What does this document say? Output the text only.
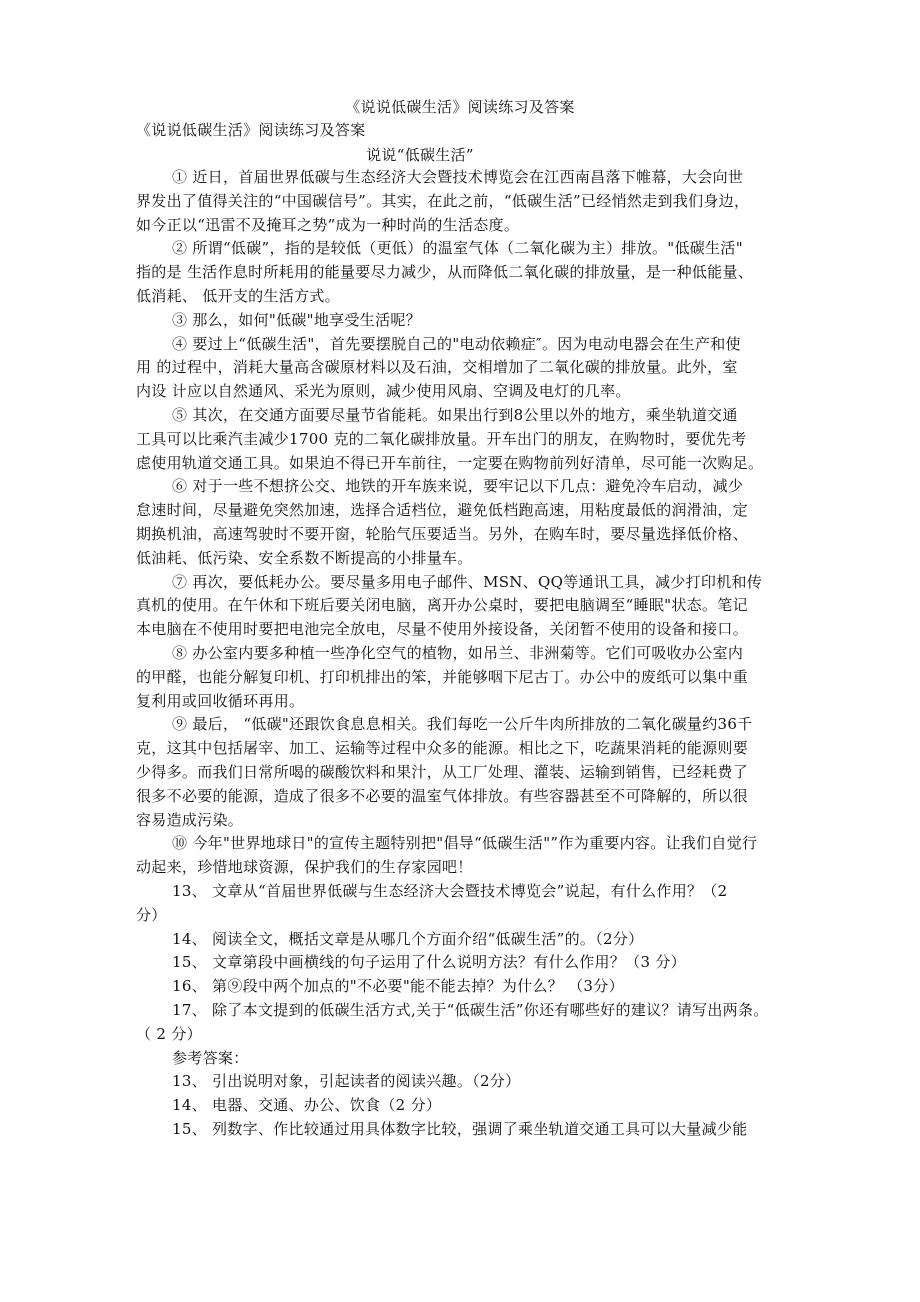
《说说低碳生活》阅读练习及答案
《说说低碳生活》阅读练习及答案
说说“低碳生活”
① 近日，首届世界低碳与生态经济大会暨技术博览会在江西南昌落下帷幕，大会向世
界发出了值得关注的“中国碳信号”。其实，在此之前，“低碳生活”已经悄然走到我们身边，
如今正以“迅雷不及掩耳之势”成为一种时尚的生活态度。
② 所谓“低碳”，指的是较低（更低）的温室气体（二氧化碳为主）排放。"低碳生活"
指的是 生活作息时所耗用的能量要尽力减少，从而降低二氧化碳的排放量，是一种低能量、
低消耗、 低开支的生活方式。
③ 那么，如何"低碳"地享受生活呢？
④ 要过上“低碳生活"，首先要摆脱自己的"电动依赖症″。因为电动电器会在生产和使
用 的过程中，消耗大量高含碳原材料以及石油，交相增加了二氧化碳的排放量。此外，室
内设 计应以自然通风、采光为原则，减少使用风扇、空调及电灯的几率。
⑤ 其次，在交通方面要尽量节省能耗。如果出行到8公里以外的地方，乘坐轨道交通
工具可以比乘汽圭减少1700 克的二氧化碳排放量。开车出门的朋友，在购物时，要优先考
虑使用轨道交通工具。如果迫不得已开车前往，一定要在购物前列好清单，尽可能一次购足。
⑥ 对于一些不想挤公交、地铁的开车族来说，要牢记以下几点：避免冷车启动，减少
怠速时间，尽量避免突然加速，选择合适档位，避免低档跑高速，用粘度最低的润滑油，定
期换机油，高速驾驶时不要开窗，轮胎气压要适当。另外，在购车时，要尽量选择低价格、
低油耗、低污染、安全系数不断提高的小排量车。
⑦ 再次，要低耗办公。要尽量多用电子邮件、MSN、QQ等通讯工具，减少打印机和传
真机的使用。在午休和下班后要关闭电脑，离开办公桌时，要把电脑调至“睡眠"状态。笔记
本电脑在不使用时要把电池完全放电，尽量不使用外接设备，关闭暂不使用的设备和接口。
⑧ 办公室内要多种植一些净化空气的植物，如吊兰、非洲菊等。它们可吸收办公室内
的甲醛，也能分解复印机、打印机排出的笨，并能够咽下尼古丁。办公中的废纸可以集中重
复利用或回收循环再用。
⑨ 最后， “低碳"还跟饮食息息相关。我们每吃一公斤牛肉所排放的二氧化碳量约36千
克，这其中包括屠宰、加工、运输等过程中众多的能源。相比之下，吃蔬果消耗的能源则要
少得多。而我们日常所喝的碳酸饮料和果汁，从工厂处理、灌装、运输到销售，已经耗费了
很多不必要的能源，造成了很多不必要的温室气体排放。有些容器甚至不可降解的，所以很
容易造成污染。
⑩ 今年"世界地球日"的宣传主题特别把"倡导“低碳生活"”作为重要内容。让我们自觉行
动起来，珍惜地球资源，保护我们的生存家园吧！
13、 文章从“首届世界低碳与生态经济大会暨技术博览会”说起，有什么作用？（2
分）
14、 阅读全文，概括文章是从哪几个方面介绍“低碳生活”的。（2分）
15、 文章第段中画横线的句子运用了什么说明方法？有什么作用？（3 分）
16、 第⑨段中两个加点的"不必要"能不能去掉？为什么？ （3分）
17、 除了本文提到的低碳生活方式,关于“低碳生活”你还有哪些好的建议？请写出两条。
（ 2 分）
参考答案：
13、 引出说明对象，引起读者的阅读兴趣。（2分）
14、 电器、交通、办公、饮食（2 分）
15、 列数字、作比较通过用具体数字比较，强调了乘坐轨道交通工具可以大量减少能
